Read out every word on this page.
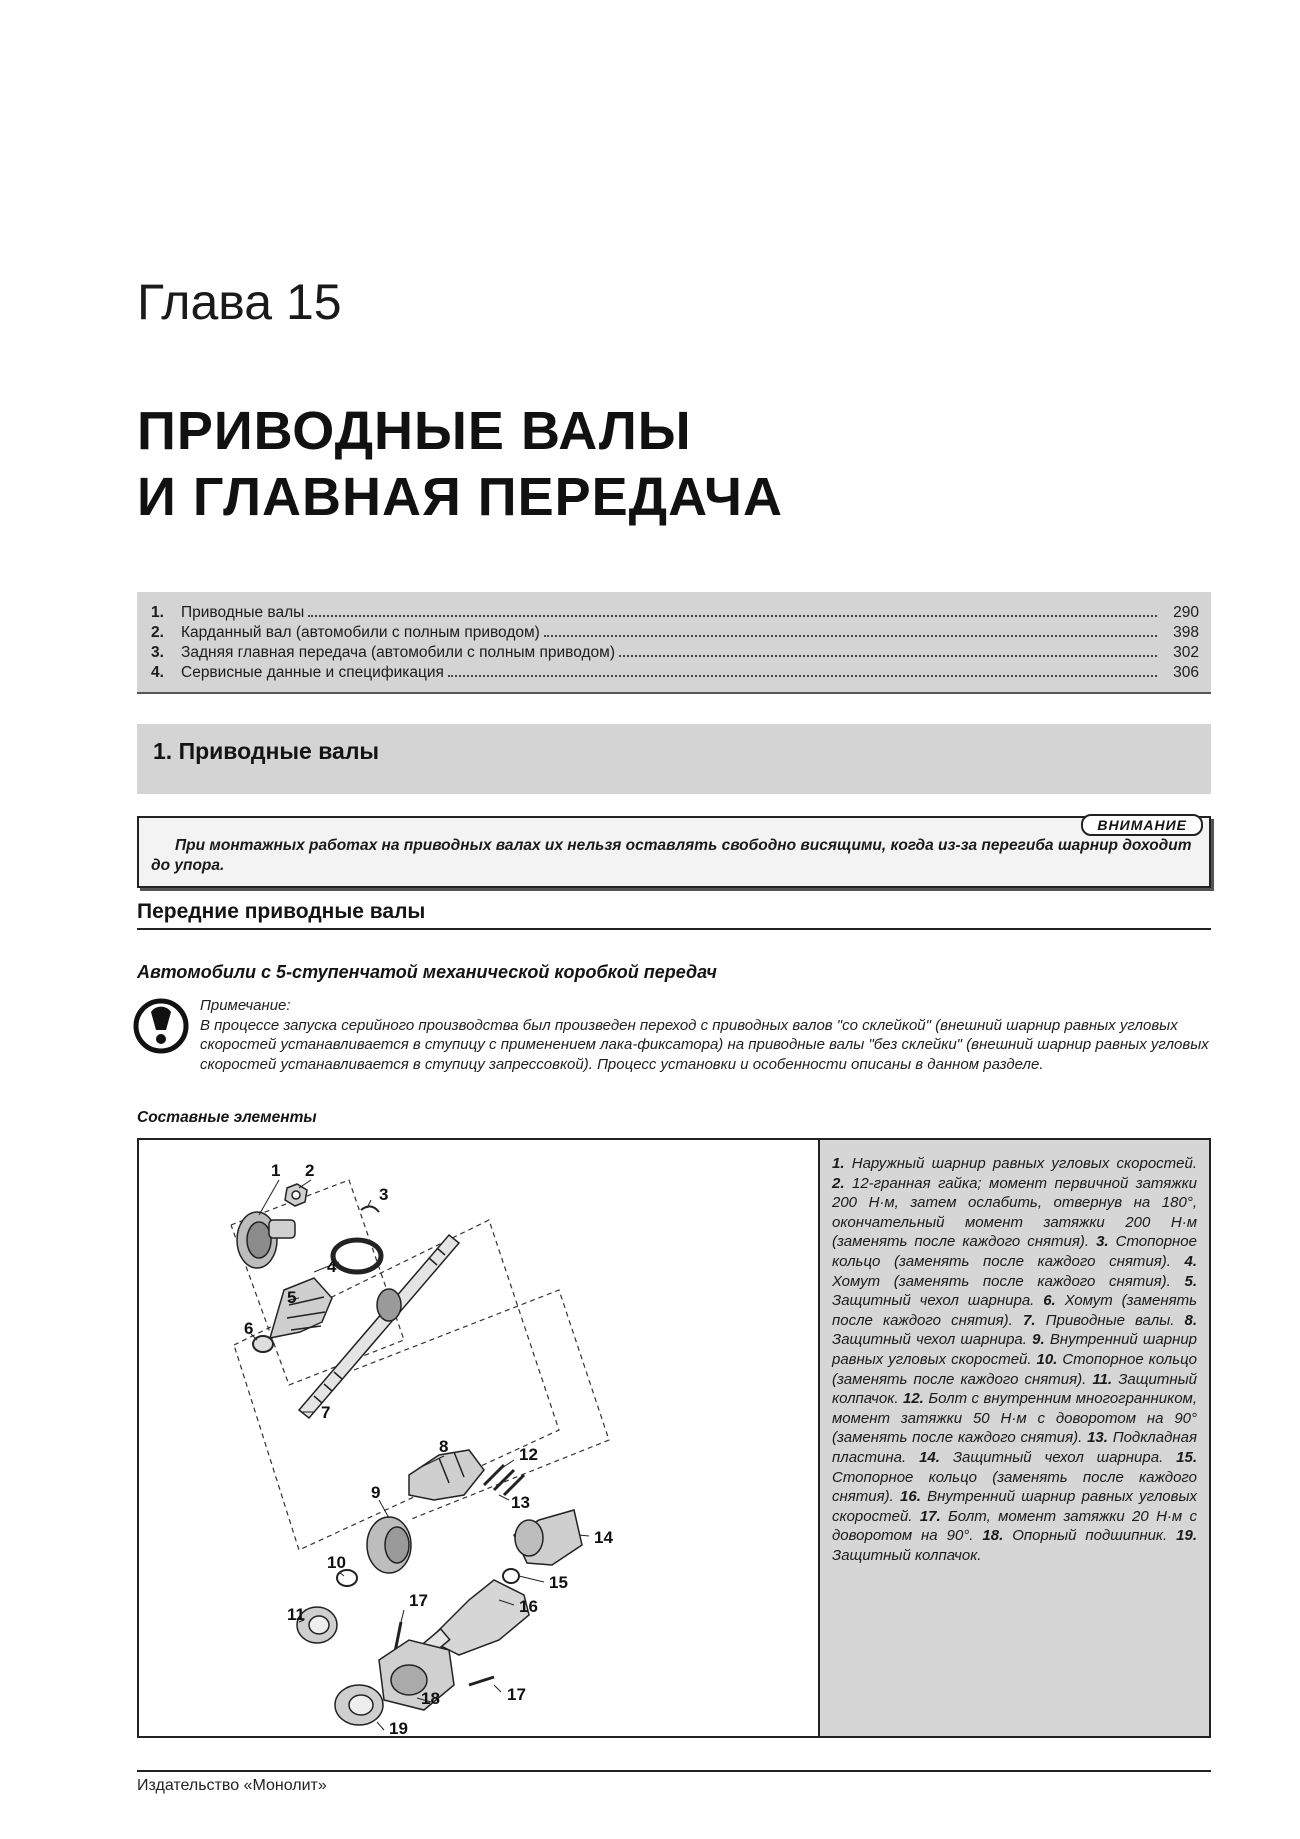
Глава 15
ПРИВОДНЫЕ ВАЛЫ
И ГЛАВНАЯ ПЕРЕДАЧА
1.	Приводные валы	290
2.	Карданный вал (автомобили с полным приводом)	398
3.	Задняя главная передача (автомобили с полным приводом)	302
4.	Сервисные данные и спецификация	306
1. Приводные валы
ВНИМАНИЕ
При монтажных работах на приводных валах их нельзя оставлять свободно висящими, когда из-за перегиба шарнир доходит до упора.
Передние приводные валы
Автомобили с 5-ступенчатой механической коробкой передач
Примечание:
В процессе запуска серийного производства был произведен переход с приводных валов "со склейкой" (внешний шарнир равных угловых скоростей устанавливается в ступицу с применением лака-фиксатора) на приводные валы "без склейки" (внешний шарнир равных угловых скоростей устанавливается в ступицу запрессовкой). Процесс установки и особенности описаны в данном разделе.
Составные элементы
1 2
3
4
5
6
7
8
9
10
11
12
13
14
15
16
17
17
18
19
1. Наружный шарнир равных угловых скоростей. 2. 12-гранная гайка; момент первичной затяжки 200 Н·м, затем ослабить, отвернув на 180°, окончательный момент затяжки 200 Н·м (заменять после каждого снятия). 3. Стопорное кольцо (заменять после каждого снятия). 4. Хомут (заменять после каждого снятия). 5. Защитный чехол шарнира. 6. Хомут (заменять после каждого снятия). 7. Приводные валы. 8. Защитный чехол шарнира. 9. Внутренний шарнир равных угловых скоростей. 10. Стопорное кольцо (заменять после каждого снятия). 11. Защитный колпачок. 12. Болт с внутренним многогранником, момент затяжки 50 Н·м с доворотом на 90° (заменять после каждого снятия). 13. Подкладная пластина. 14. Защитный чехол шарнира. 15. Стопорное кольцо (заменять после каждого снятия). 16. Внутренний шарнир равных угловых скоростей. 17. Болт, момент затяжки 20 Н·м с доворотом на 90°. 18. Опорный подшипник. 19. Защитный колпачок.
Издательство «Монолит»
